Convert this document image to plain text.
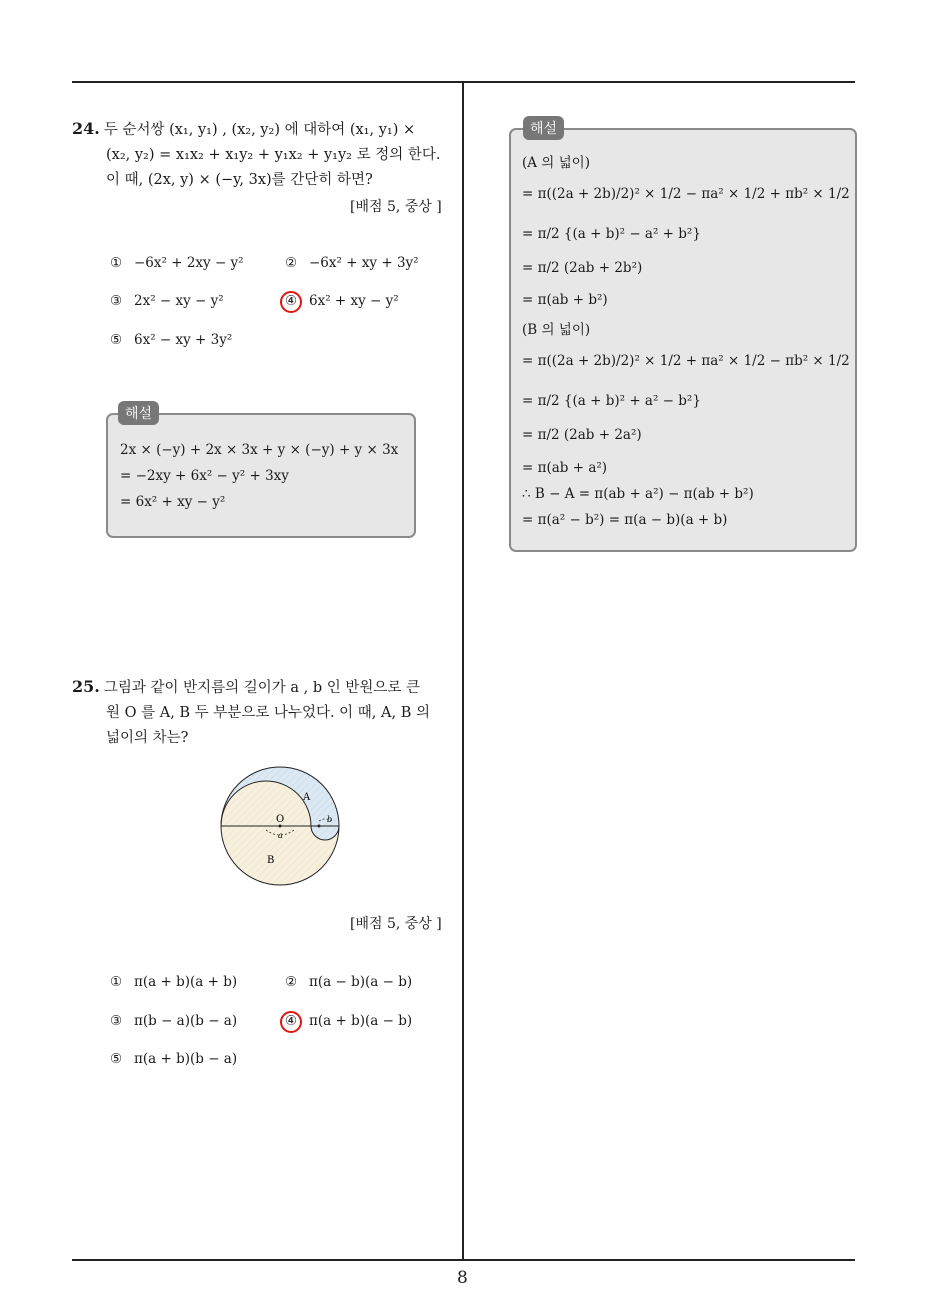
24. 두 순서쌍 (x₁, y₁) , (x₂, y₂) 에 대하여 (x₁, y₁) ×
(x₂, y₂) = x₁x₂ + x₁y₂ + y₁x₂ + y₁y₂ 로 정의 한다.
이 때, (2x, y) × (−y, 3x)를 간단히 하면?
[배점 5, 중상 ]
① −6x² + 2xy − y²	② −6x² + xy + 3y²
③ 2x² − xy − y²	④ 6x² + xy − y²
⑤ 6x² − xy + 3y²
해설
2x × (−y) + 2x × 3x + y × (−y) + y × 3x
= −2xy + 6x² − y² + 3xy
= 6x² + xy − y²
25. 그림과 같이 반지름의 길이가 a , b 인 반원으로 큰
원 O 를 A, B 두 부분으로 나누었다. 이 때, A, B 의
넓이의 차는?
A
O	b
a
B
[배점 5, 중상 ]
① π(a + b)(a + b)	② π(a − b)(a − b)
③ π(b − a)(b − a)	④ π(a + b)(a − b)
⑤ π(a + b)(b − a)
해설
(A 의 넓이)
= π((2a + 2b)/2)² × 1/2 − πa² × 1/2 + πb² × 1/2
= π/2 {(a + b)² − a² + b²}
= π/2 (2ab + 2b²)
= π(ab + b²)
(B 의 넓이)
= π((2a + 2b)/2)² × 1/2 + πa² × 1/2 − πb² × 1/2
= π/2 {(a + b)² + a² − b²}
= π/2 (2ab + 2a²)
= π(ab + a²)
∴ B − A = π(ab + a²) − π(ab + b²)
= π(a² − b²) = π(a − b)(a + b)
8
